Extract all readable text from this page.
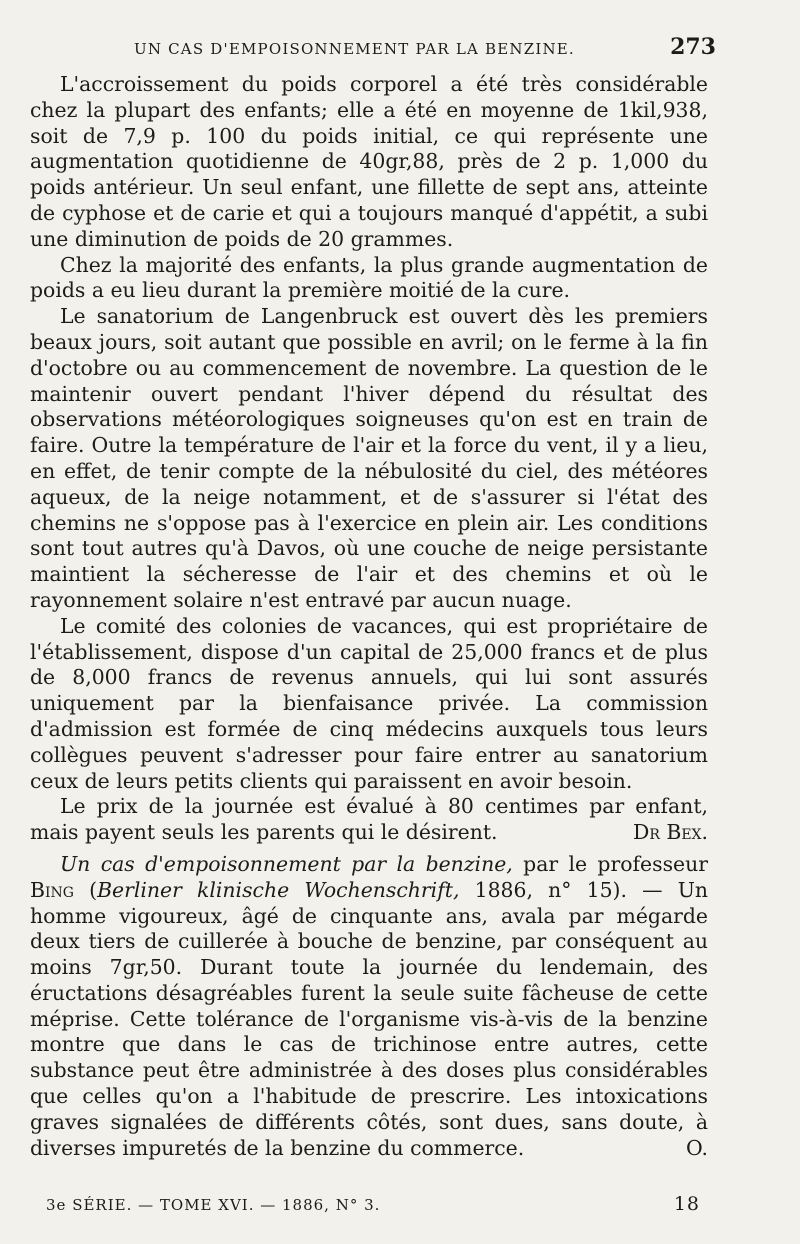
UN CAS D'EMPOISONNEMENT PAR LA BENZINE.	273

L'accroissement du poids corporel a été très considérable chez la plupart des enfants; elle a été en moyenne de 1kil,938, soit de 7,9 p. 100 du poids initial, ce qui représente une augmentation quotidienne de 40gr,88, près de 2 p. 1,000 du poids antérieur. Un seul enfant, une fillette de sept ans, atteinte de cyphose et de carie et qui a toujours manqué d'appétit, a subi une diminution de poids de 20 grammes.

Chez la majorité des enfants, la plus grande augmentation de poids a eu lieu durant la première moitié de la cure.

Le sanatorium de Langenbruck est ouvert dès les premiers beaux jours, soit autant que possible en avril; on le ferme à la fin d'octobre ou au commencement de novembre. La question de le maintenir ouvert pendant l'hiver dépend du résultat des observations météorologiques soigneuses qu'on est en train de faire. Outre la température de l'air et la force du vent, il y a lieu, en effet, de tenir compte de la nébulosité du ciel, des météores aqueux, de la neige notamment, et de s'assurer si l'état des chemins ne s'oppose pas à l'exercice en plein air. Les conditions sont tout autres qu'à Davos, où une couche de neige persistante maintient la sécheresse de l'air et des chemins et où le rayonnement solaire n'est entravé par aucun nuage.

Le comité des colonies de vacances, qui est propriétaire de l'établissement, dispose d'un capital de 25,000 francs et de plus de 8,000 francs de revenus annuels, qui lui sont assurés uniquement par la bienfaisance privée. La commission d'admission est formée de cinq médecins auxquels tous leurs collègues peuvent s'adresser pour faire entrer au sanatorium ceux de leurs petits clients qui paraissent en avoir besoin.

Le prix de la journée est évalué à 80 centimes par enfant, mais payent seuls les parents qui le désirent.	Dr Bex.

Un cas d'empoisonnement par la benzine, par le professeur Bing (Berliner klinische Wochenschrift, 1886, n° 15). — Un homme vigoureux, âgé de cinquante ans, avala par mégarde deux tiers de cuillerée à bouche de benzine, par conséquent au moins 7gr,50. Durant toute la journée du lendemain, des éructations désagréables furent la seule suite fâcheuse de cette méprise. Cette tolérance de l'organisme vis-à-vis de la benzine montre que dans le cas de trichinose entre autres, cette substance peut être administrée à des doses plus considérables que celles qu'on a l'habitude de prescrire. Les intoxications graves signalées de différents côtés, sont dues, sans doute, à diverses impuretés de la benzine du commerce.	O.

3e SÉRIE. — TOME XVI. — 1886, N° 3.	18
